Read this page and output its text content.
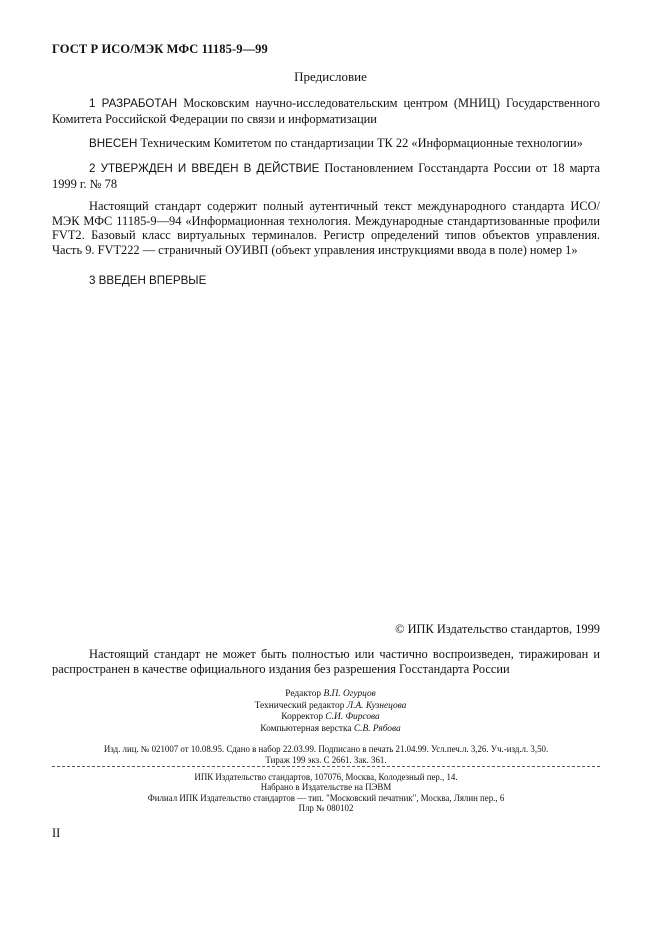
ГОСТ Р ИСО/МЭК МФС 11185-9—99
Предисловие
1 РАЗРАБОТАН Московским научно-исследовательским центром (МНИЦ) Государственного Комитета Российской Федерации по связи и информатизации
ВНЕСЕН Техническим Комитетом по стандартизации ТК 22 «Информационные технологии»
2 УТВЕРЖДЕН И ВВЕДЕН В ДЕЙСТВИЕ Постановлением Госстандарта России от 18 марта 1999 г. № 78
Настоящий стандарт содержит полный аутентичный текст международного стандарта ИСО/МЭК МФС 11185-9—94 «Информационная технология. Международные стандартизованные профили FVT2. Базовый класс виртуальных терминалов. Регистр определений типов объектов управления. Часть 9. FVT222 — страничный ОУИВП (объект управления инструкциями ввода в поле) номер 1»
3 ВВЕДЕН ВПЕРВЫЕ
© ИПК Издательство стандартов, 1999
Настоящий стандарт не может быть полностью или частично воспроизведен, тиражирован и распространен в качестве официального издания без разрешения Госстандарта России
Редактор В.П. Огурцов
Технический редактор Л.А. Кузнецова
Корректор С.И. Фирсова
Компьютерная верстка С.В. Рябова
Изд. лиц. № 021007 от 10.08.95. Сдано в набор 22.03.99. Подписано в печать 21.04.99. Усл.печ.л. 3,26. Уч.-изд.л. 3,50.
Тираж 199 экз. С 2661. Зак. 361.
ИПК Издательство стандартов, 107076, Москва, Колодезный пер., 14.
Набрано в Издательстве на ПЭВМ
Филиал ИПК Издательство стандартов — тип. "Московский печатник", Москва, Лялин пер., 6
Плр № 080102
II
